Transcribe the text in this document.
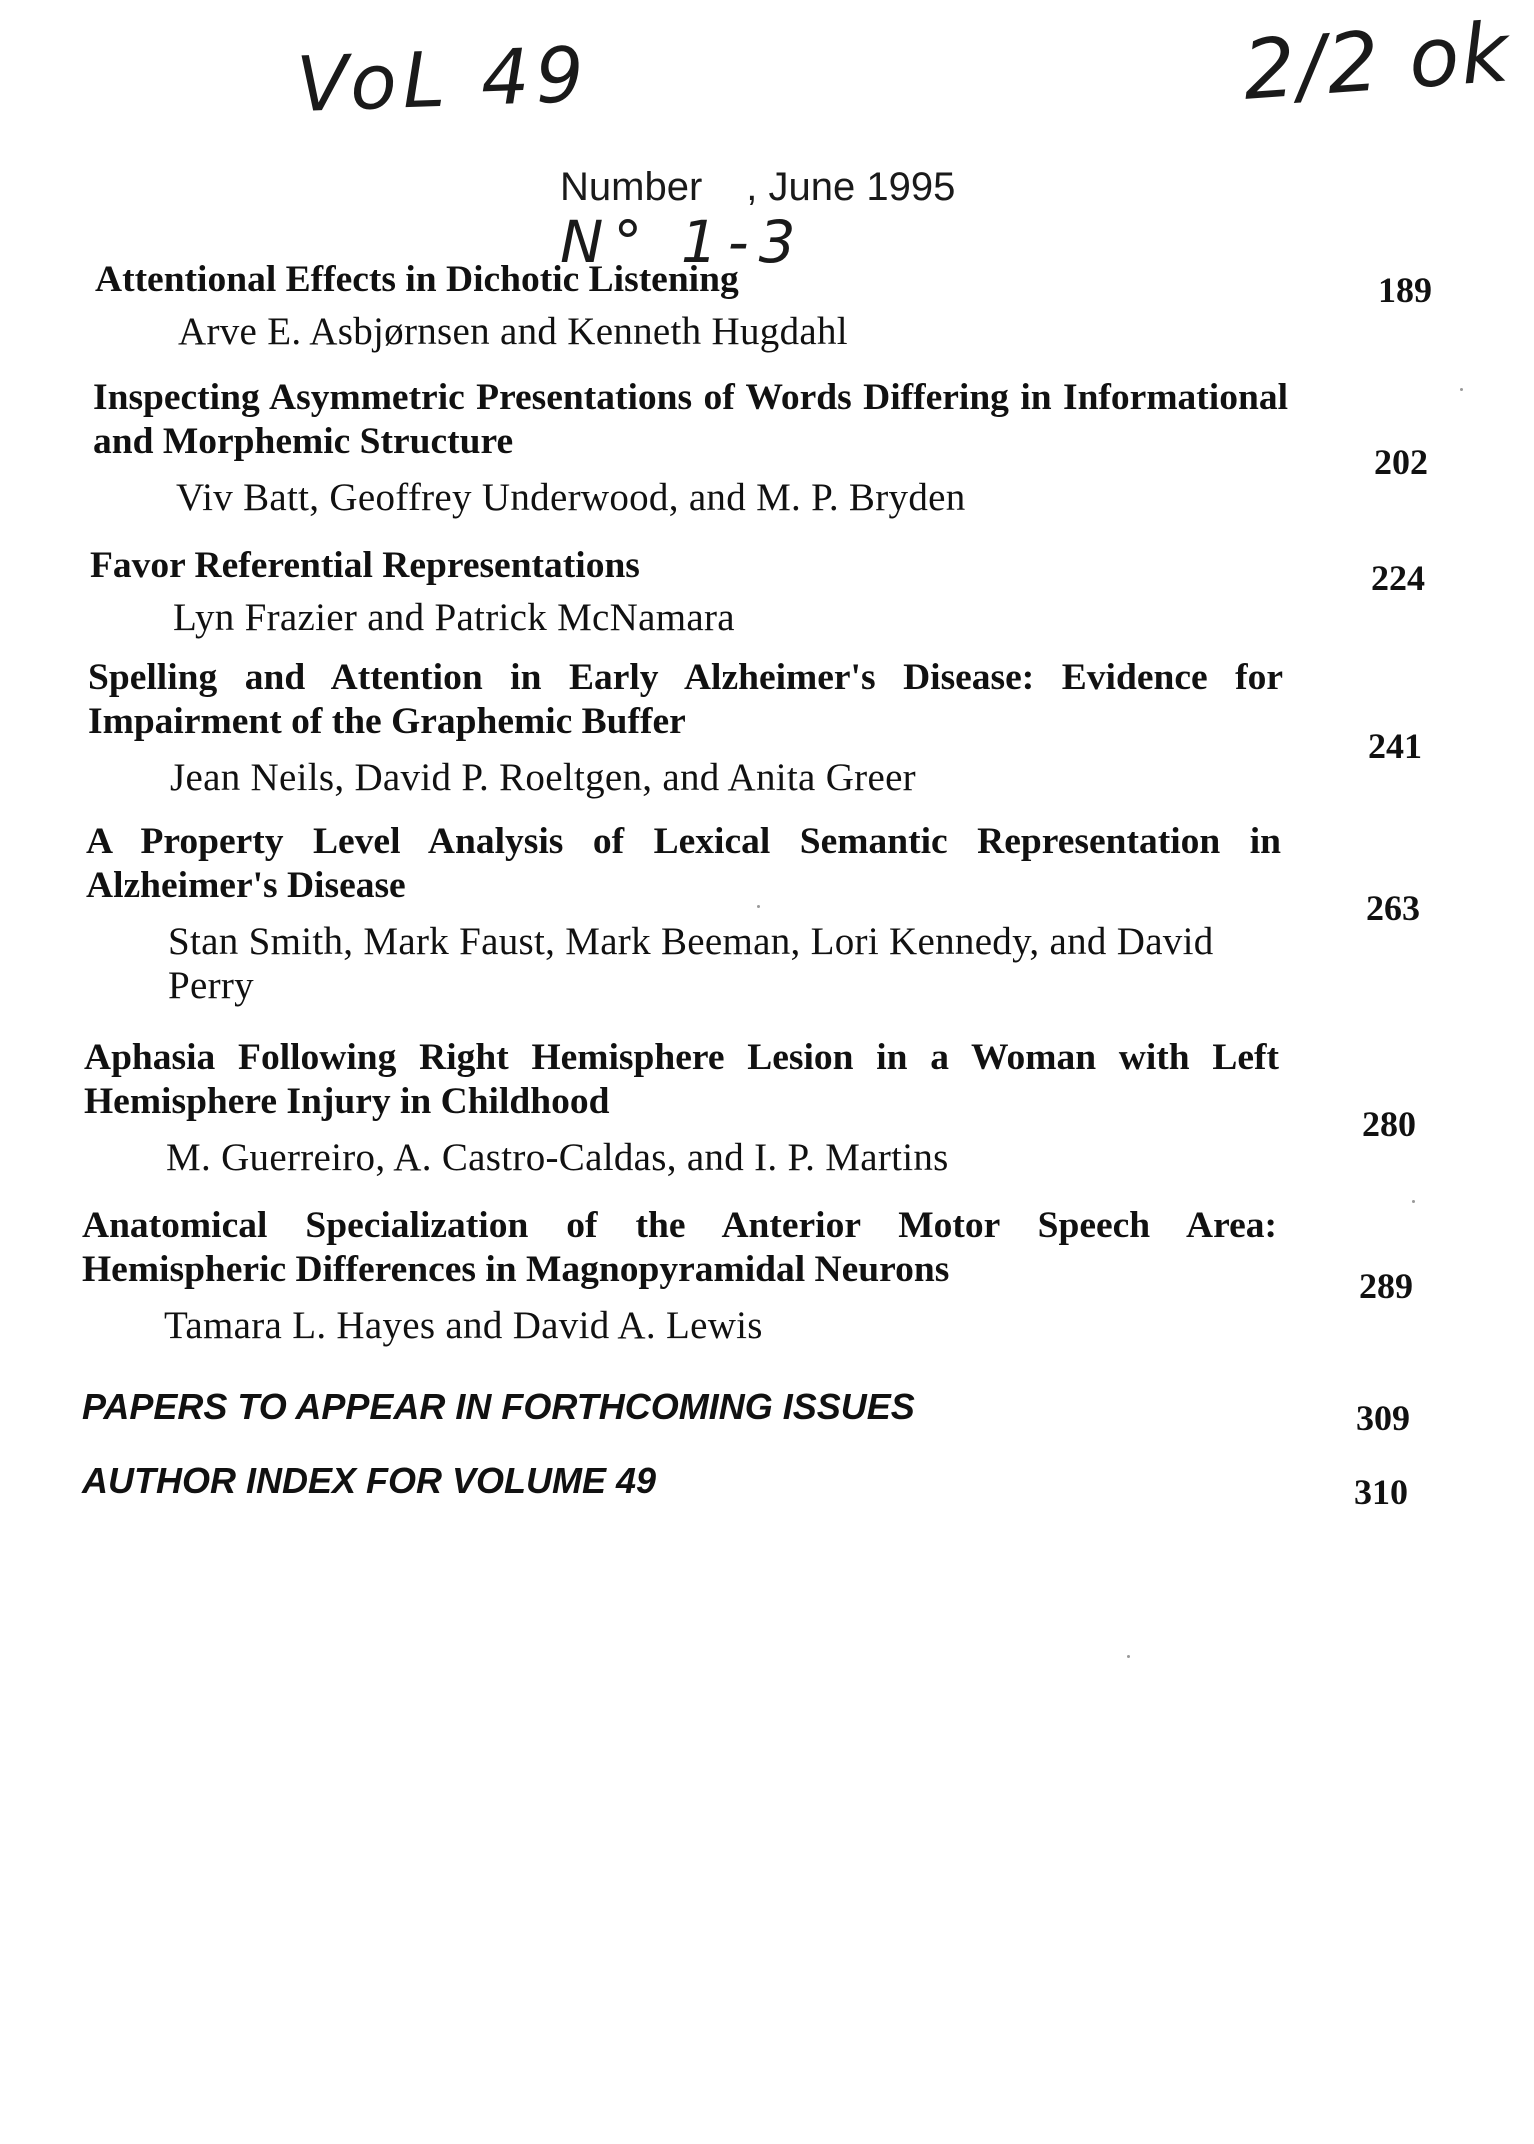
VoL 49	2/2 ok
N° 1-3
Number , June 1995
Attentional Effects in Dichotic Listening
Arve E. Asbjørnsen and Kenneth Hugdahl
189
Inspecting Asymmetric Presentations of Words Differing in Informational and Morphemic Structure
Viv Batt, Geoffrey Underwood, and M. P. Bryden
202
Favor Referential Representations
Lyn Frazier and Patrick McNamara
224
Spelling and Attention in Early Alzheimer's Disease: Evidence for Impairment of the Graphemic Buffer
Jean Neils, David P. Roeltgen, and Anita Greer
241
A Property Level Analysis of Lexical Semantic Representation in Alzheimer's Disease
Stan Smith, Mark Faust, Mark Beeman, Lori Kennedy, and David Perry
263
Aphasia Following Right Hemisphere Lesion in a Woman with Left Hemisphere Injury in Childhood
M. Guerreiro, A. Castro-Caldas, and I. P. Martins
280
Anatomical Specialization of the Anterior Motor Speech Area: Hemispheric Differences in Magnopyramidal Neurons
Tamara L. Hayes and David A. Lewis
289
PAPERS TO APPEAR IN FORTHCOMING ISSUES	309
AUTHOR INDEX FOR VOLUME 49	310
